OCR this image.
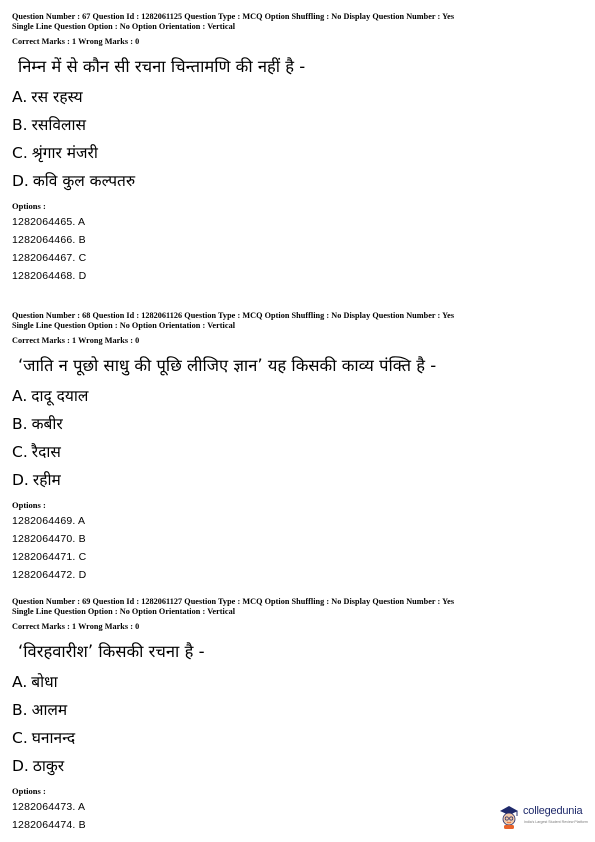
Question Number : 67 Question Id : 1282061125 Question Type : MCQ Option Shuffling : No Display Question Number : Yes
Single Line Question Option : No Option Orientation : Vertical
Correct Marks : 1 Wrong Marks : 0
निम्न में से कौन सी रचना चिन्तामणि की नहीं है -
A. रस रहस्य
B. रसविलास
C. श्रृंगार मंजरी
D. कवि कुल कल्पतरु
Options :
1282064465. A
1282064466. B
1282064467. C
1282064468. D
Question Number : 68 Question Id : 1282061126 Question Type : MCQ Option Shuffling : No Display Question Number : Yes
Single Line Question Option : No Option Orientation : Vertical
Correct Marks : 1 Wrong Marks : 0
‘जाति न पूछो साधु की पूछि लीजिए ज्ञान’ यह किसकी काव्य पंक्ति है -
A. दादू दयाल
B. कबीर
C. रैदास
D. रहीम
Options :
1282064469. A
1282064470. B
1282064471. C
1282064472. D
Question Number : 69 Question Id : 1282061127 Question Type : MCQ Option Shuffling : No Display Question Number : Yes
Single Line Question Option : No Option Orientation : Vertical
Correct Marks : 1 Wrong Marks : 0
‘विरहवारीश’ किसकी रचना है -
A. बोधा
B. आलम
C. घनानन्द
D. ठाकुर
Options :
1282064473. A
1282064474. B
collegedunia
India's Largest Student Review Platform
